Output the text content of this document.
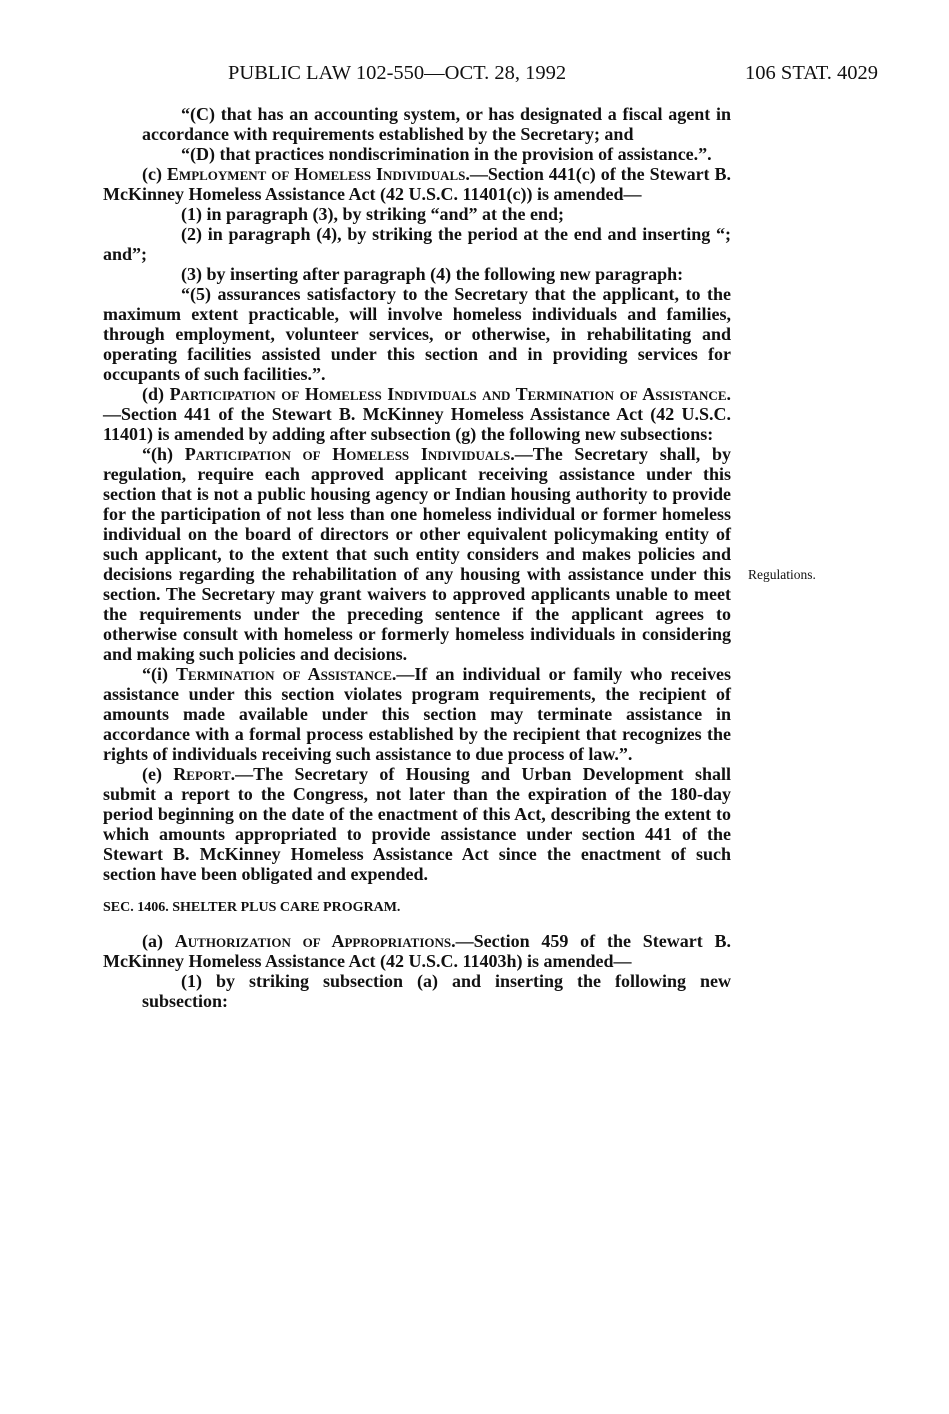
PUBLIC LAW 102-550—OCT. 28, 1992	106 STAT. 4029
Regulations.

“(C) that has an accounting system, or has designated a fiscal agent in accordance with requirements established by the Secretary; and

“(D) that practices nondiscrimination in the provision of assistance.”.

(c) Employment of Homeless Individuals.—Section 441(c) of the Stewart B. McKinney Homeless Assistance Act (42 U.S.C. 11401(c)) is amended—

(1) in paragraph (3), by striking “and” at the end;

(2) in paragraph (4), by striking the period at the end and inserting “; and”;

(3) by inserting after paragraph (4) the following new paragraph:

“(5) assurances satisfactory to the Secretary that the applicant, to the maximum extent practicable, will involve homeless individuals and families, through employment, volunteer services, or otherwise, in rehabilitating and operating facilities assisted under this section and in providing services for occupants of such facilities.”.

(d) Participation of Homeless Individuals and Termination of Assistance.—Section 441 of the Stewart B. McKinney Homeless Assistance Act (42 U.S.C. 11401) is amended by adding after subsection (g) the following new subsections:

“(h) Participation of Homeless Individuals.—The Secretary shall, by regulation, require each approved applicant receiving assistance under this section that is not a public housing agency or Indian housing authority to provide for the participation of not less than one homeless individual or former homeless individual on the board of directors or other equivalent policymaking entity of such applicant, to the extent that such entity considers and makes policies and decisions regarding the rehabilitation of any housing with assistance under this section. The Secretary may grant waivers to approved applicants unable to meet the requirements under the preceding sentence if the applicant agrees to otherwise consult with homeless or formerly homeless individuals in considering and making such policies and decisions.

“(i) Termination of Assistance.—If an individual or family who receives assistance under this section violates program requirements, the recipient of amounts made available under this section may terminate assistance in accordance with a formal process established by the recipient that recognizes the rights of individuals receiving such assistance to due process of law.”.

(e) Report.—The Secretary of Housing and Urban Development shall submit a report to the Congress, not later than the expiration of the 180-day period beginning on the date of the enactment of this Act, describing the extent to which amounts appropriated to provide assistance under section 441 of the Stewart B. McKinney Homeless Assistance Act since the enactment of such section have been obligated and expended.

SEC. 1406. SHELTER PLUS CARE PROGRAM.

(a) Authorization of Appropriations.—Section 459 of the Stewart B. McKinney Homeless Assistance Act (42 U.S.C. 11403h) is amended—

(1) by striking subsection (a) and inserting the following new subsection:
